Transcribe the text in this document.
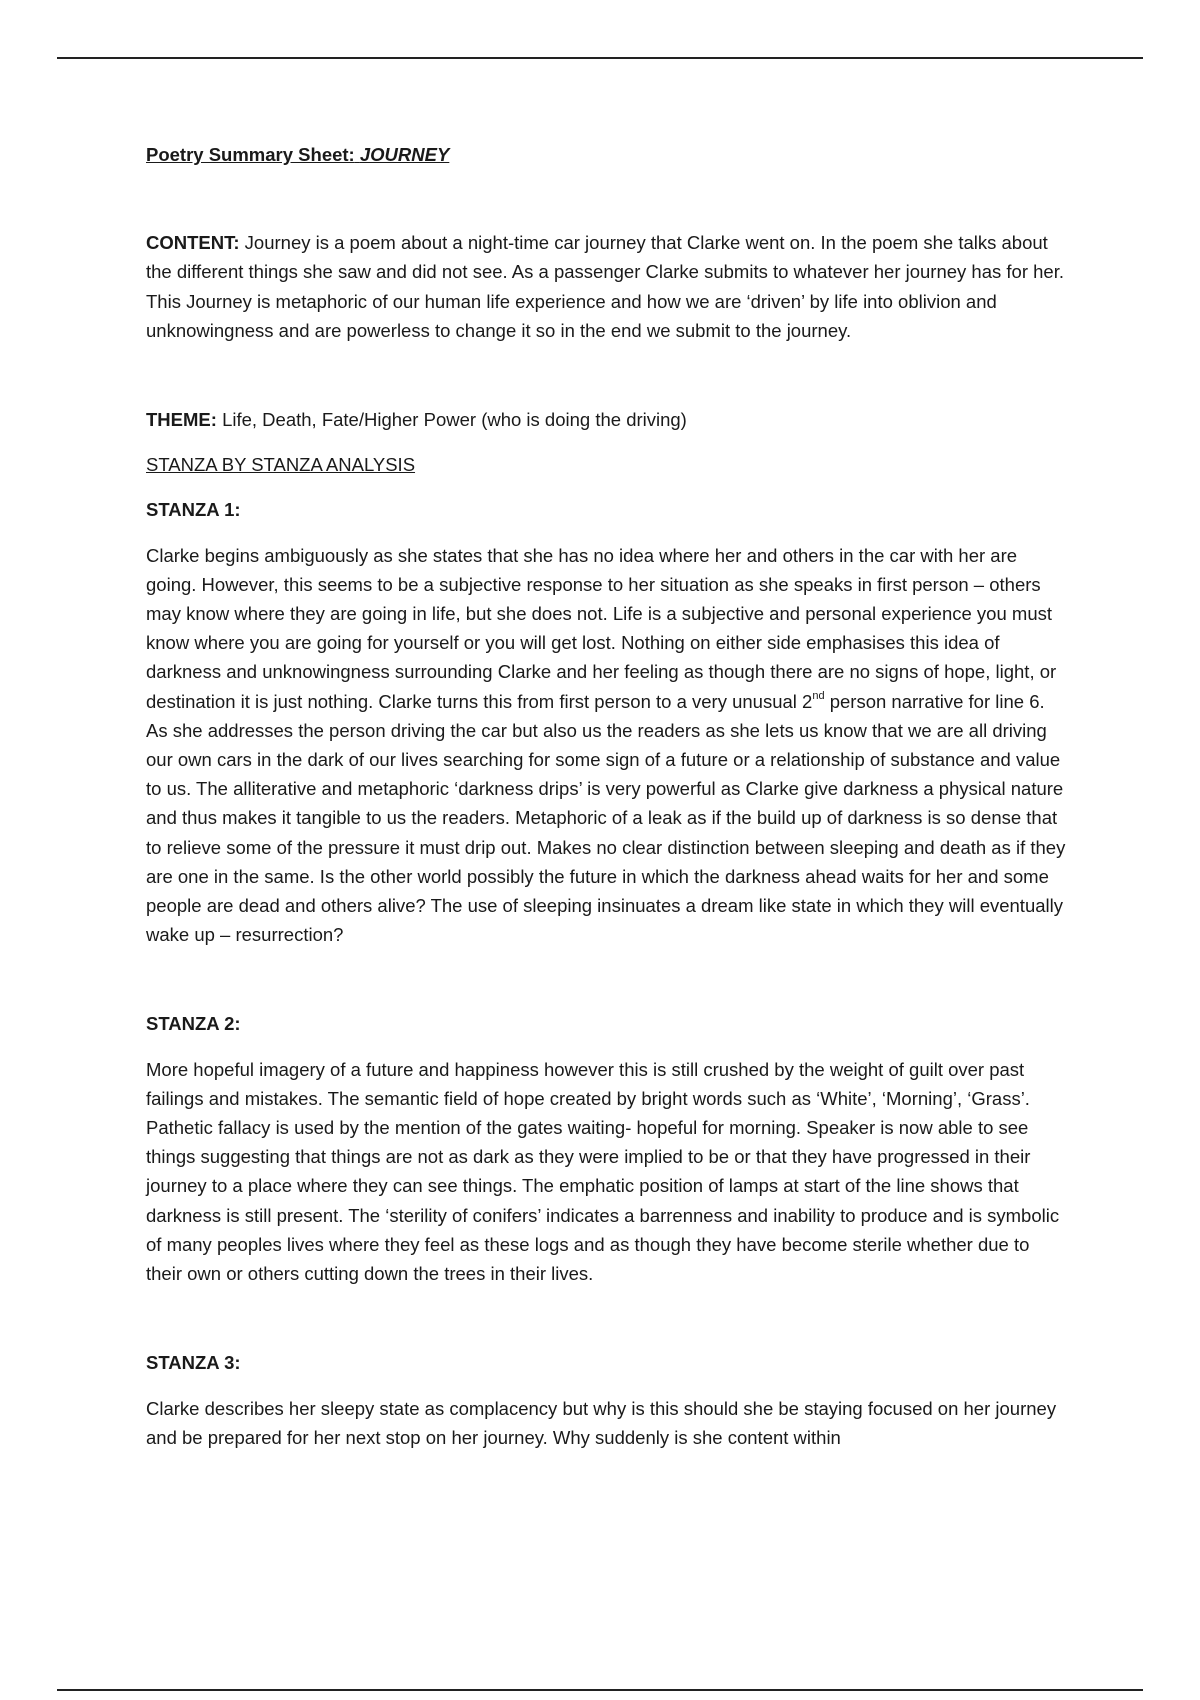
Poetry Summary Sheet: JOURNEY

CONTENT: Journey is a poem about a night-time car journey that Clarke went on. In the poem she talks about the different things she saw and did not see. As a passenger Clarke submits to whatever her journey has for her. This Journey is metaphoric of our human life experience and how we are ‘driven’ by life into oblivion and unknowingness and are powerless to change it so in the end we submit to the journey.

THEME: Life, Death, Fate/Higher Power (who is doing the driving)

STANZA BY STANZA ANALYSIS

STANZA 1:

Clarke begins ambiguously as she states that she has no idea where her and others in the car with her are going. However, this seems to be a subjective response to her situation as she speaks in first person – others may know where they are going in life, but she does not. Life is a subjective and personal experience you must know where you are going for yourself or you will get lost. Nothing on either side emphasises this idea of darkness and unknowingness surrounding Clarke and her feeling as though there are no signs of hope, light, or destination it is just nothing. Clarke turns this from first person to a very unusual 2nd person narrative for line 6. As she addresses the person driving the car but also us the readers as she lets us know that we are all driving our own cars in the dark of our lives searching for some sign of a future or a relationship of substance and value to us. The alliterative and metaphoric ‘darkness drips’ is very powerful as Clarke give darkness a physical nature and thus makes it tangible to us the readers. Metaphoric of a leak as if the build up of darkness is so dense that to relieve some of the pressure it must drip out. Makes no clear distinction between sleeping and death as if they are one in the same. Is the other world possibly the future in which the darkness ahead waits for her and some people are dead and others alive? The use of sleeping insinuates a dream like state in which they will eventually wake up – resurrection?

STANZA 2:

More hopeful imagery of a future and happiness however this is still crushed by the weight of guilt over past failings and mistakes. The semantic field of hope created by bright words such as ‘White’, ‘Morning’, ‘Grass’. Pathetic fallacy is used by the mention of the gates waiting- hopeful for morning. Speaker is now able to see things suggesting that things are not as dark as they were implied to be or that they have progressed in their journey to a place where they can see things. The emphatic position of lamps at start of the line shows that darkness is still present. The ‘sterility of conifers’ indicates a barrenness and inability to produce and is symbolic of many peoples lives where they feel as these logs and as though they have become sterile whether due to their own or others cutting down the trees in their lives.

STANZA 3:

Clarke describes her sleepy state as complacency but why is this should she be staying focused on her journey and be prepared for her next stop on her journey. Why suddenly is she content within
